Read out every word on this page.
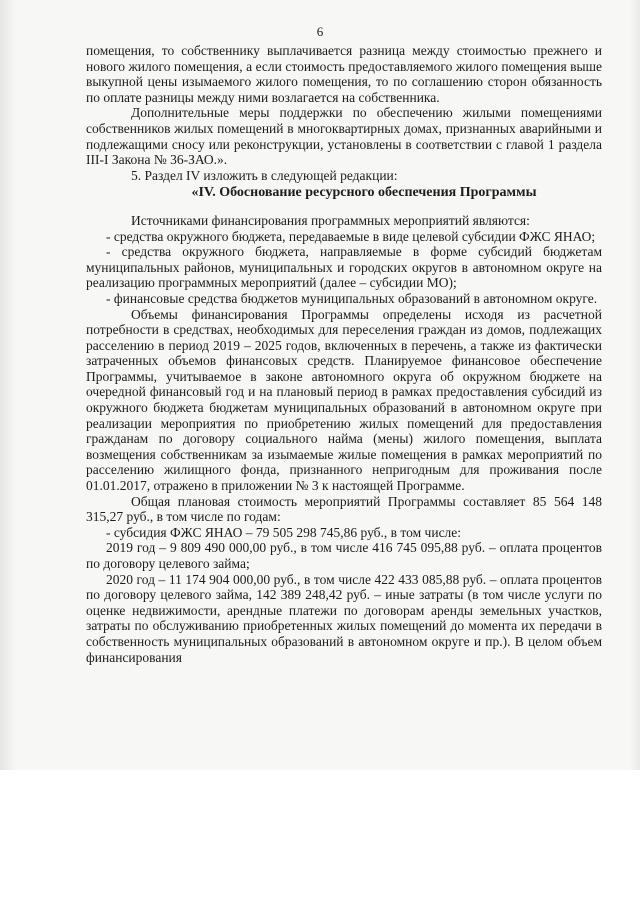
6

помещения, то собственнику выплачивается разница между стоимостью прежнего и нового жилого помещения, а если стоимость предоставляемого жилого помещения выше выкупной цены изымаемого жилого помещения, то по соглашению сторон обязанность по оплате разницы между ними возлагается на собственника.

Дополнительные меры поддержки по обеспечению жилыми помещениями собственников жилых помещений в многоквартирных домах, признанных аварийными и подлежащими сносу или реконструкции, установлены в соответствии с главой 1 раздела III-I Закона № 36-ЗАО.».

5. Раздел IV изложить в следующей редакции:

«IV. Обоснование ресурсного обеспечения Программы

Источниками финансирования программных мероприятий являются:

- средства окружного бюджета, передаваемые в виде целевой субсидии ФЖС ЯНАО;

- средства окружного бюджета, направляемые в форме субсидий бюджетам муниципальных районов, муниципальных и городских округов в автономном округе на реализацию программных мероприятий (далее – субсидии МО);

- финансовые средства бюджетов муниципальных образований в автономном округе.

Объемы финансирования Программы определены исходя из расчетной потребности в средствах, необходимых для переселения граждан из домов, подлежащих расселению в период 2019 – 2025 годов, включенных в перечень, а также из фактически затраченных объемов финансовых средств. Планируемое финансовое обеспечение Программы, учитываемое в законе автономного округа об окружном бюджете на очередной финансовый год и на плановый период в рамках предоставления субсидий из окружного бюджета бюджетам муниципальных образований в автономном округе при реализации мероприятия по приобретению жилых помещений для предоставления гражданам по договору социального найма (мены) жилого помещения, выплата возмещения собственникам за изымаемые жилые помещения в рамках мероприятий по расселению жилищного фонда, признанного непригодным для проживания после 01.01.2017, отражено в приложении № 3 к настоящей Программе.

Общая плановая стоимость мероприятий Программы составляет 85 564 148 315,27 руб., в том числе по годам:

- субсидия ФЖС ЯНАО – 79 505 298 745,86 руб., в том числе:

2019 год – 9 809 490 000,00 руб., в том числе 416 745 095,88 руб. – оплата процентов по договору целевого займа;

2020 год – 11 174 904 000,00 руб., в том числе 422 433 085,88 руб. – оплата процентов по договору целевого займа, 142 389 248,42 руб. – иные затраты (в том числе услуги по оценке недвижимости, арендные платежи по договорам аренды земельных участков, затраты по обслуживанию приобретенных жилых помещений до момента их передачи в собственность муниципальных образований в автономном округе и пр.). В целом объем финансирования
